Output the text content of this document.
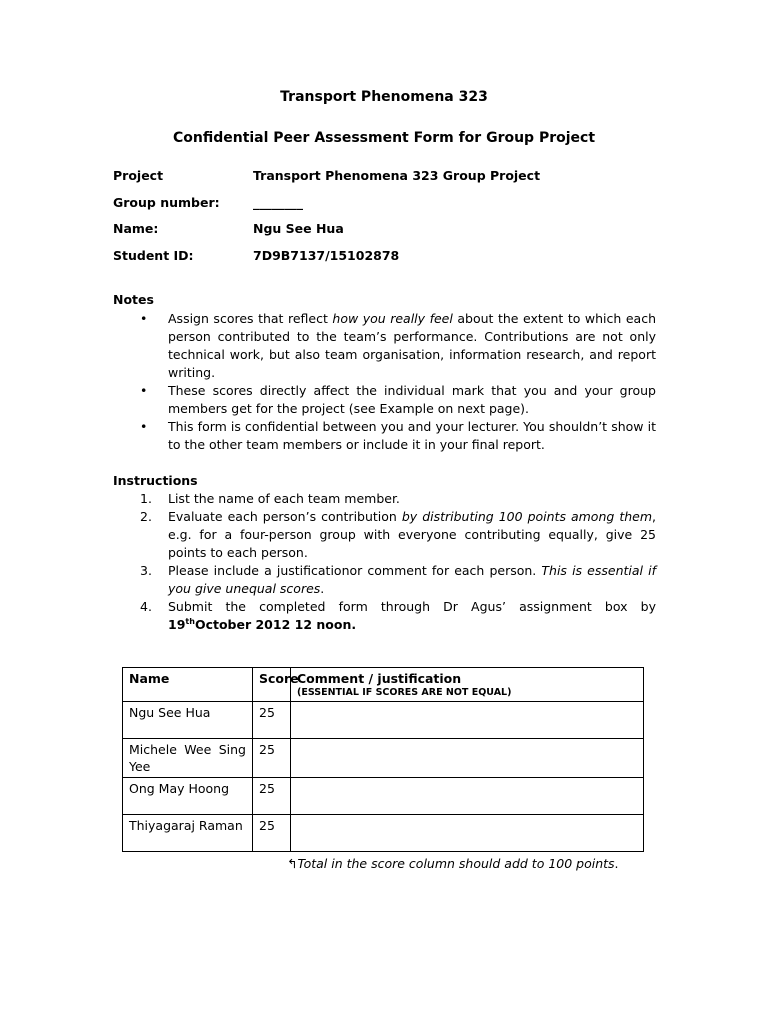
Transport Phenomena 323
Confidential Peer Assessment Form for Group Project
Project	Transport Phenomena 323 Group Project
Group number:	________
Name:	Ngu See Hua
Student ID:	7D9B7137/15102878
Notes
• Assign scores that reflect how you really feel about the extent to which each person contributed to the team’s performance. Contributions are not only technical work, but also team organisation, information research, and report writing.
• These scores directly affect the individual mark that you and your group members get for the project (see Example on next page).
• This form is confidential between you and your lecturer. You shouldn’t show it to the other team members or include it in your final report.
Instructions
1. List the name of each team member.
2. Evaluate each person’s contribution by distributing 100 points among them, e.g. for a four-person group with everyone contributing equally, give 25 points to each person.
3. Please include a justificationor comment for each person. This is essential if you give unequal scores.
4. Submit the completed form through Dr Agus’ assignment box by 19thOctober 2012 12 noon.
Name	Score	Comment / justification
(ESSENTIAL IF SCORES ARE NOT EQUAL)

Ngu See Hua	25	
Michele Wee Sing Yee	25	
Ong May Hoong	25	
Thiyagaraj Raman	25	
↰Total in the score column should add to 100 points.
